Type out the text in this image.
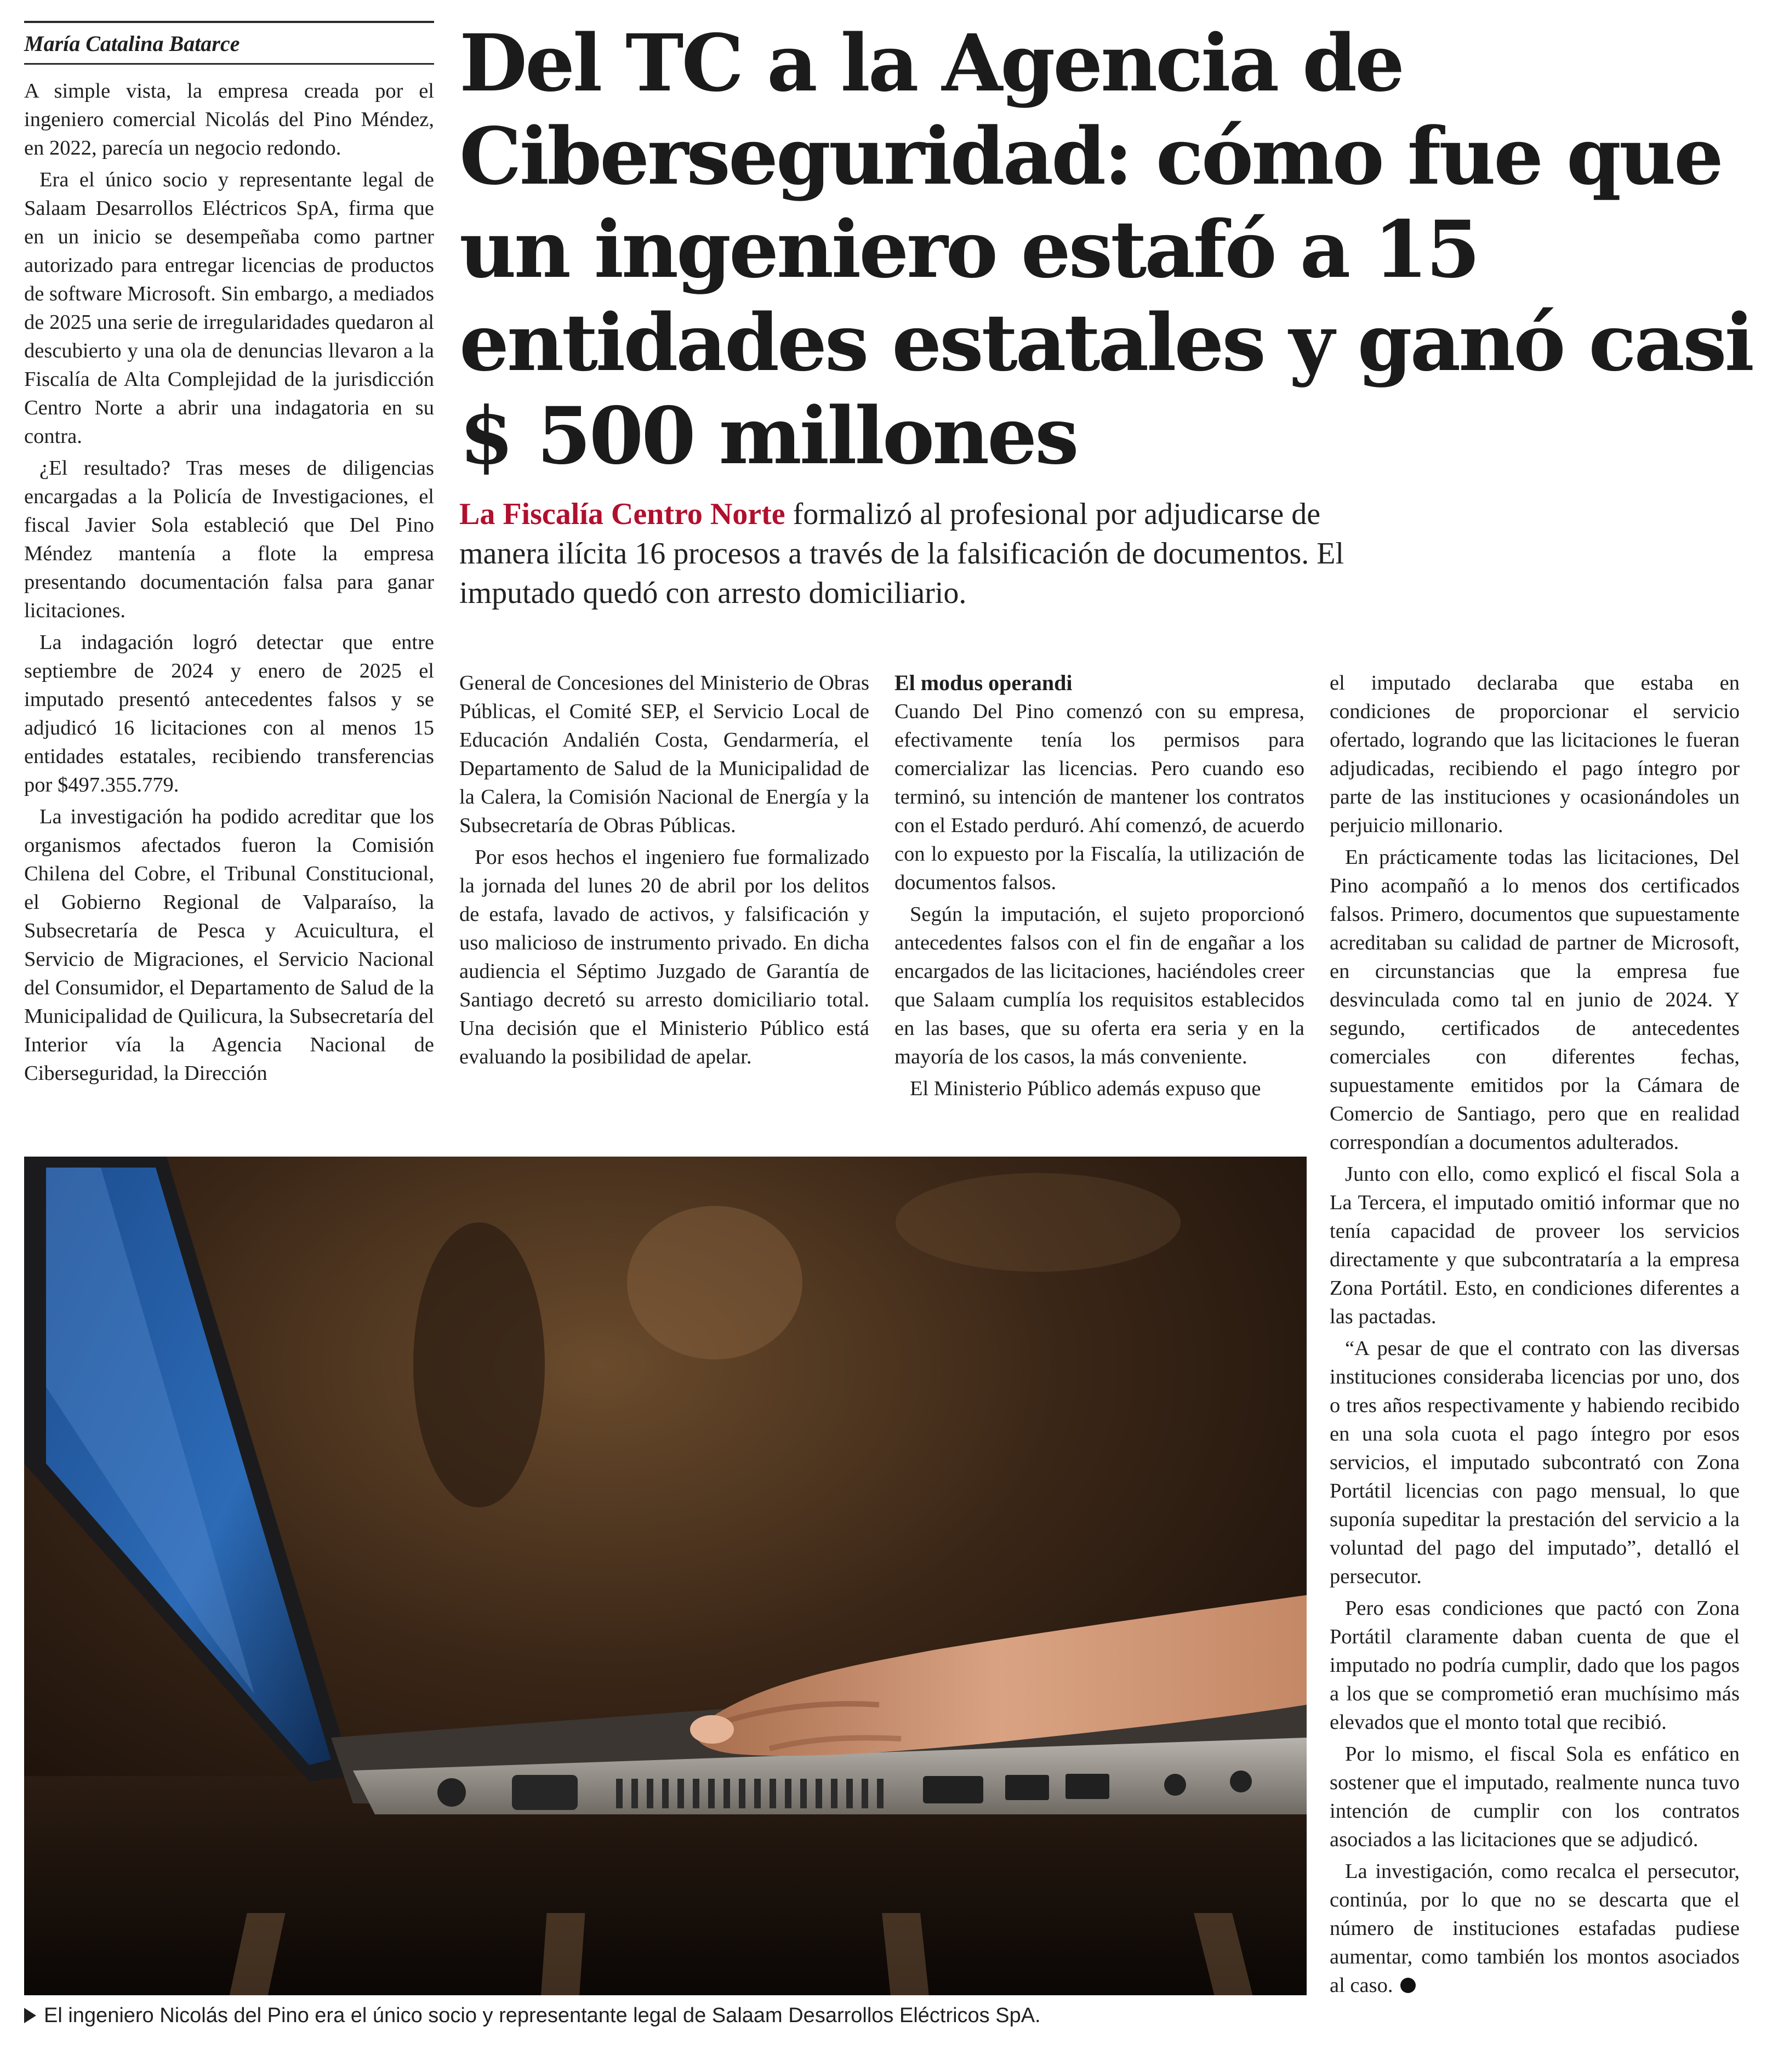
María Catalina Batarce	Del TC a la Agencia de Ciberseguridad: cómo fue que un ingeniero estafó a 15 entidades estatales y ganó casi $ 500 millones
La Fiscalía Centro Norte formalizó al profesional por adjudicarse de manera ilícita 16 procesos a través de la falsificación de documentos. El imputado quedó con arresto domiciliario.

A simple vista, la empresa creada por el ingeniero comercial Nicolás del Pino Méndez, en 2022, parecía un negocio redondo.

Era el único socio y representante legal de Salaam Desarrollos Eléctricos SpA, firma que en un inicio se desempeñaba como partner autorizado para entregar licencias de productos de software Microsoft. Sin embargo, a mediados de 2025 una serie de irregularidades quedaron al descubierto y una ola de denuncias llevaron a la Fiscalía de Alta Complejidad de la jurisdicción Centro Norte a abrir una indagatoria en su contra.

¿El resultado? Tras meses de diligencias encargadas a la Policía de Investigaciones, el fiscal Javier Sola estableció que Del Pino Méndez mantenía a flote la empresa presentando documentación falsa para ganar licitaciones.

La indagación logró detectar que entre septiembre de 2024 y enero de 2025 el imputado presentó antecedentes falsos y se adjudicó 16 licitaciones con al menos 15 entidades estatales, recibiendo transferencias por $497.355.779.

La investigación ha podido acreditar que los organismos afectados fueron la Comisión Chilena del Cobre, el Tribunal Constitucional, el Gobierno Regional de Valparaíso, la Subsecretaría de Pesca y Acuicultura, el Servicio de Migraciones, el Servicio Nacional del Consumidor, el Departamento de Salud de la Municipalidad de Quilicura, la Subsecretaría del Interior vía la Agencia Nacional de Ciberseguridad, la Dirección

General de Concesiones del Ministerio de Obras Públicas, el Comité SEP, el Servicio Local de Educación Andalién Costa, Gendarmería, el Departamento de Salud de la Municipalidad de la Calera, la Comisión Nacional de Energía y la Subsecretaría de Obras Públicas.

Por esos hechos el ingeniero fue formalizado la jornada del lunes 20 de abril por los delitos de estafa, lavado de activos, y falsificación y uso malicioso de instrumento privado. En dicha audiencia el Séptimo Juzgado de Garantía de Santiago decretó su arresto domiciliario total. Una decisión que el Ministerio Público está evaluando la posibilidad de apelar.

El modus operandi

Cuando Del Pino comenzó con su empresa, efectivamente tenía los permisos para comercializar las licencias. Pero cuando eso terminó, su intención de mantener los contratos con el Estado perduró. Ahí comenzó, de acuerdo con lo expuesto por la Fiscalía, la utilización de documentos falsos.

Según la imputación, el sujeto proporcionó antecedentes falsos con el fin de engañar a los encargados de las licitaciones, haciéndoles creer que Salaam cumplía los requisitos establecidos en las bases, que su oferta era seria y en la mayoría de los casos, la más conveniente.

El Ministerio Público además expuso que

el imputado declaraba que estaba en condiciones de proporcionar el servicio ofertado, logrando que las licitaciones le fueran adjudicadas, recibiendo el pago íntegro por parte de las instituciones y ocasionándoles un perjuicio millonario.

En prácticamente todas las licitaciones, Del Pino acompañó a lo menos dos certificados falsos. Primero, documentos que supuestamente acreditaban su calidad de partner de Microsoft, en circunstancias que la empresa fue desvinculada como tal en junio de 2024. Y segundo, certificados de antecedentes comerciales con diferentes fechas, supuestamente emitidos por la Cámara de Comercio de Santiago, pero que en realidad correspondían a documentos adulterados.

Junto con ello, como explicó el fiscal Sola a La Tercera, el imputado omitió informar que no tenía capacidad de proveer los servicios directamente y que subcontrataría a la empresa Zona Portátil. Esto, en condiciones diferentes a las pactadas.

“A pesar de que el contrato con las diversas instituciones consideraba licencias por uno, dos o tres años respectivamente y habiendo recibido en una sola cuota el pago íntegro por esos servicios, el imputado subcontrató con Zona Portátil licencias con pago mensual, lo que suponía supeditar la prestación del servicio a la voluntad del pago del imputado”, detalló el persecutor.

Pero esas condiciones que pactó con Zona Portátil claramente daban cuenta de que el imputado no podría cumplir, dado que los pagos a los que se comprometió eran muchísimo más elevados que el monto total que recibió.

Por lo mismo, el fiscal Sola es enfático en sostener que el imputado, realmente nunca tuvo intención de cumplir con los contratos asociados a las licitaciones que se adjudicó.

La investigación, como recalca el persecutor, continúa, por lo que no se descarta que el número de instituciones estafadas pudiese aumentar, como también los montos asociados al caso.

El ingeniero Nicolás del Pino era el único socio y representante legal de Salaam Desarrollos Eléctricos SpA.
